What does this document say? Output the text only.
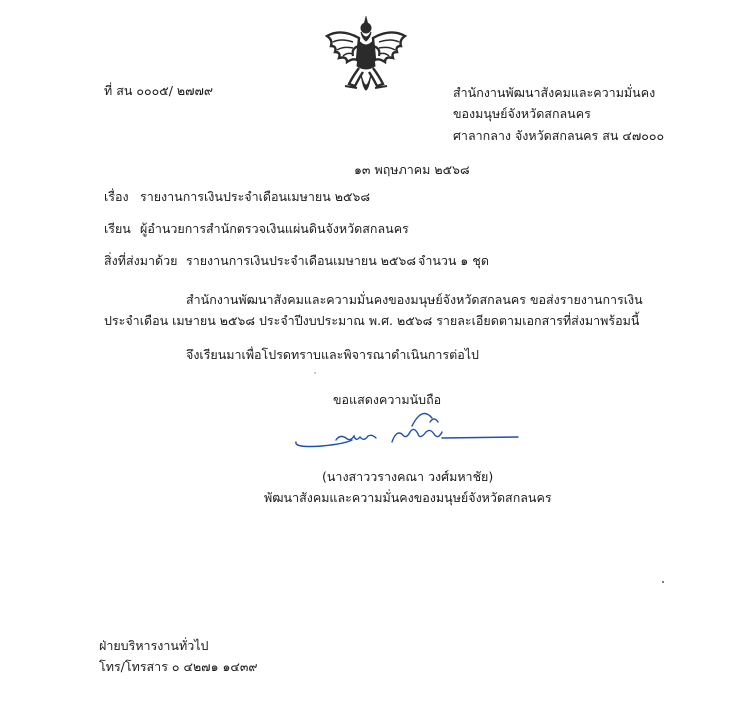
ที่ สน ๐๐๐๕/ ๒๗๗๙	สำนักงานพัฒนาสังคมและความมั่นคง
ของมนุษย์จังหวัดสกลนคร
ศาลากลาง จังหวัดสกลนคร สน ๔๗๐๐๐
๑๓ พฤษภาคม ๒๕๖๘
เรื่อง รายงานการเงินประจำเดือนเมษายน ๒๕๖๘
เรียน ผู้อำนวยการสำนักตรวจเงินแผ่นดินจังหวัดสกลนคร
สิ่งที่ส่งมาด้วย รายงานการเงินประจำเดือนเมษายน ๒๕๖๘ จำนวน ๑ ชุด
สำนักงานพัฒนาสังคมและความมั่นคงของมนุษย์จังหวัดสกลนคร ขอส่งรายงานการเงิน
ประจำเดือน เมษายน ๒๕๖๘ ประจำปีงบประมาณ พ.ศ. ๒๕๖๘ รายละเอียดตามเอกสารที่ส่งมาพร้อมนี้
จึงเรียนมาเพื่อโปรดทราบและพิจารณาดำเนินการต่อไป
ขอแสดงความนับถือ
(นางสาววรางคณา วงศ์มหาชัย)
พัฒนาสังคมและความมั่นคงของมนุษย์จังหวัดสกลนคร
ฝ่ายบริหารงานทั่วไป
โทร/โทรสาร ๐ ๔๒๗๑ ๑๔๓๙
